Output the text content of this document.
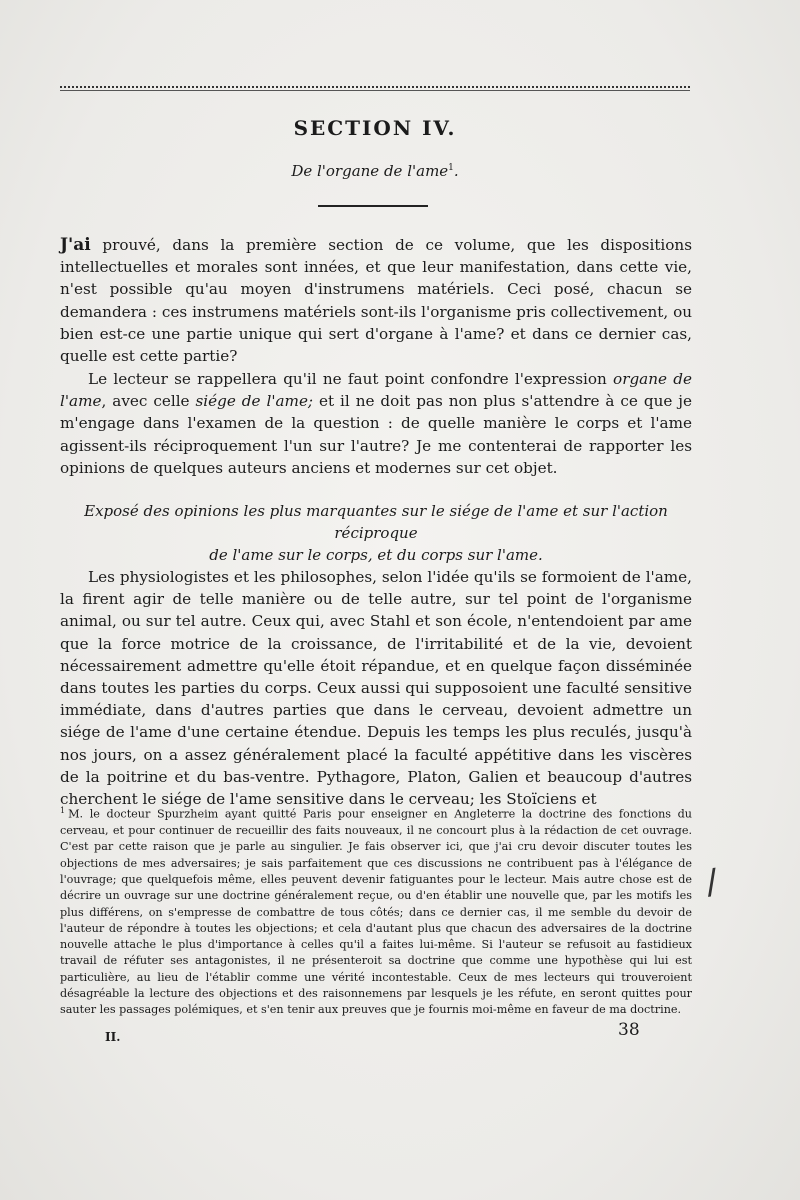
SECTION IV.
De l'organe de l'ame$^1$.
J'ai prouvé, dans la première section de ce volume, que les dispositions intellectuelles et morales sont innées, et que leur manifestation, dans cette vie, n'est possible qu'au moyen d'instrumens matériels. Ceci posé, chacun se demandera : ces instrumens matériels sont-ils l'organisme pris collectivement, ou bien est-ce une partie unique qui sert d'organe à l'ame? et dans ce dernier cas, quelle est cette partie?
Le lecteur se rappellera qu'il ne faut point confondre l'expression organe de l'ame, avec celle siége de l'ame; et il ne doit pas non plus s'attendre à ce que je m'engage dans l'examen de la question : de quelle manière le corps et l'ame agissent-ils réciproquement l'un sur l'autre? Je me contenterai de rapporter les opinions de quelques auteurs anciens et modernes sur cet objet.
Exposé des opinions les plus marquantes sur le siége de l'ame et sur l'action réciproque
de l'ame sur le corps, et du corps sur l'ame.
Les physiologistes et les philosophes, selon l'idée qu'ils se formoient de l'ame, la firent agir de telle manière ou de telle autre, sur tel point de l'organisme animal, ou sur tel autre. Ceux qui, avec Stahl et son école, n'entendoient par ame que la force motrice de la croissance, de l'irritabilité et de la vie, devoient nécessairement admettre qu'elle étoit répandue, et en quelque façon disséminée dans toutes les parties du corps. Ceux aussi qui supposoient une faculté sensitive immédiate, dans d'autres parties que dans le cerveau, devoient admettre un siége de l'ame d'une certaine étendue. Depuis les temps les plus reculés, jusqu'à nos jours, on a assez généralement placé la faculté appétitive dans les viscères de la poitrine et du bas-ventre. Pythagore, Platon, Galien et beaucoup d'autres cherchent le siége de l'ame sensitive dans le cerveau; les Stoïciens et
$^1$ M. le docteur Spurzheim ayant quitté Paris pour enseigner en Angleterre la doctrine des fonctions du cerveau, et pour continuer de recueillir des faits nouveaux, il ne concourt plus à la rédaction de cet ouvrage. C'est par cette raison que je parle au singulier. Je fais observer ici, que j'ai cru devoir discuter toutes les objections de mes adversaires; je sais parfaitement que ces discussions ne contribuent pas à l'élégance de l'ouvrage; que quelquefois même, elles peuvent devenir fatiguantes pour le lecteur. Mais autre chose est de décrire un ouvrage sur une doctrine généralement reçue, ou d'en établir une nouvelle que, par les motifs les plus différens, on s'empresse de combattre de tous côtés; dans ce dernier cas, il me semble du devoir de l'auteur de répondre à toutes les objections; et cela d'autant plus que chacun des adversaires de la doctrine nouvelle attache le plus d'importance à celles qu'il a faites lui-même. Si l'auteur se refusoit au fastidieux travail de réfuter ses antagonistes, il ne présenteroit sa doctrine que comme une hypothèse qui lui est particulière, au lieu de l'établir comme une vérité incontestable. Ceux de mes lecteurs qui trouveroient désagréable la lecture des objections et des raisonnemens par lesquels je les réfute, en seront quittes pour sauter les passages polémiques, et s'en tenir aux preuves que je fournis moi-même en faveur de ma doctrine.
II.	38
/
